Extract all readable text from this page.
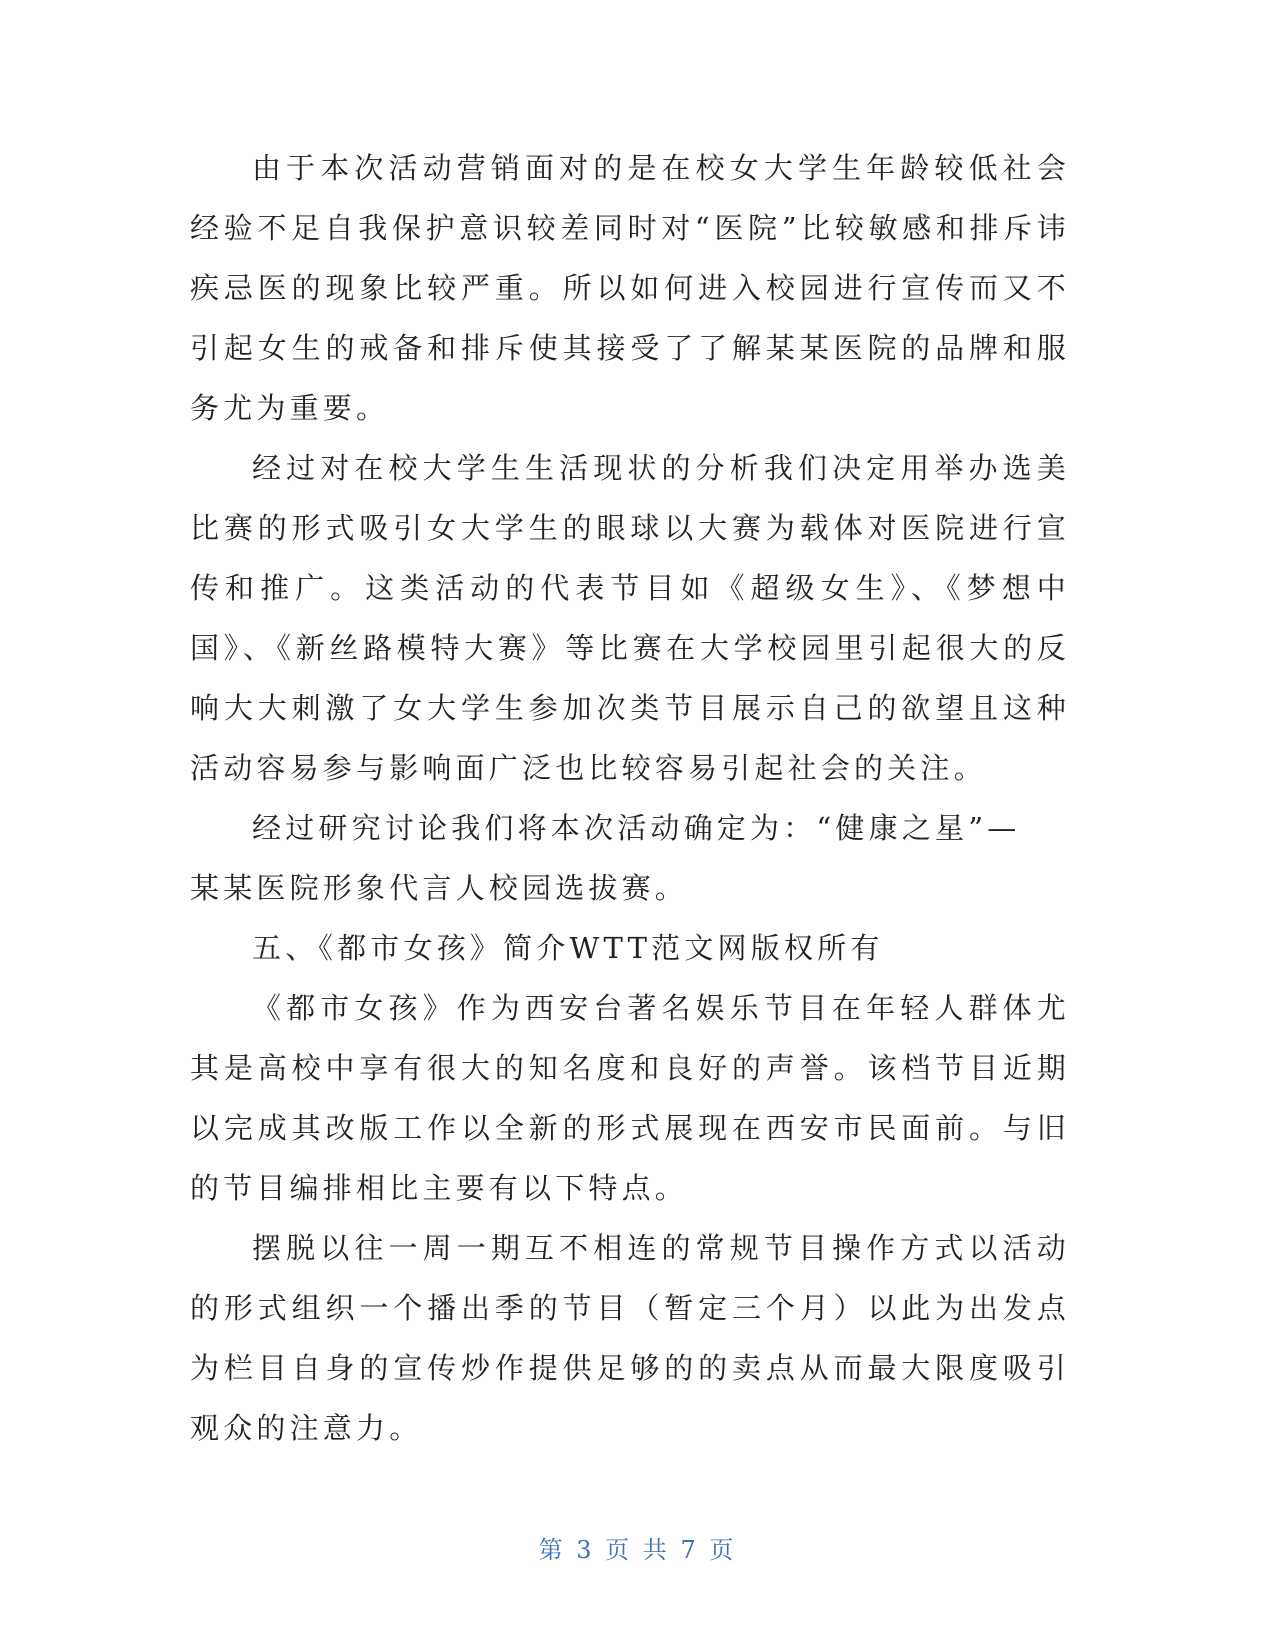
由于本次活动营销面对的是在校女大学生年龄较低社会经验不足自我保护意识较差同时对“医院”比较敏感和排斥讳疾忌医的现象比较严重。所以如何进入校园进行宣传而又不引起女生的戒备和排斥使其接受了了解某某医院的品牌和服务尤为重要。

经过对在校大学生生活现状的分析我们决定用举办选美比赛的形式吸引女大学生的眼球以大赛为载体对医院进行宣传和推广。这类活动的代表节目如《超级女生》、《梦想中国》、《新丝路模特大赛》等比赛在大学校园里引起很大的反响大大刺激了女大学生参加次类节目展示自己的欲望且这种活动容易参与影响面广泛也比较容易引起社会的关注。

经过研究讨论我们将本次活动确定为：“健康之星”—
某某医院形象代言人校园选拔赛。

五、《都市女孩》简介WTT范文网版权所有

《都市女孩》作为西安台著名娱乐节目在年轻人群体尤其是高校中享有很大的知名度和良好的声誉。该档节目近期以完成其改版工作以全新的形式展现在西安市民面前。与旧的节目编排相比主要有以下特点。

摆脱以往一周一期互不相连的常规节目操作方式以活动的形式组织一个播出季的节目（暂定三个月）以此为出发点为栏目自身的宣传炒作提供足够的的卖点从而最大限度吸引观众的注意力。

第 3 页 共 7 页
